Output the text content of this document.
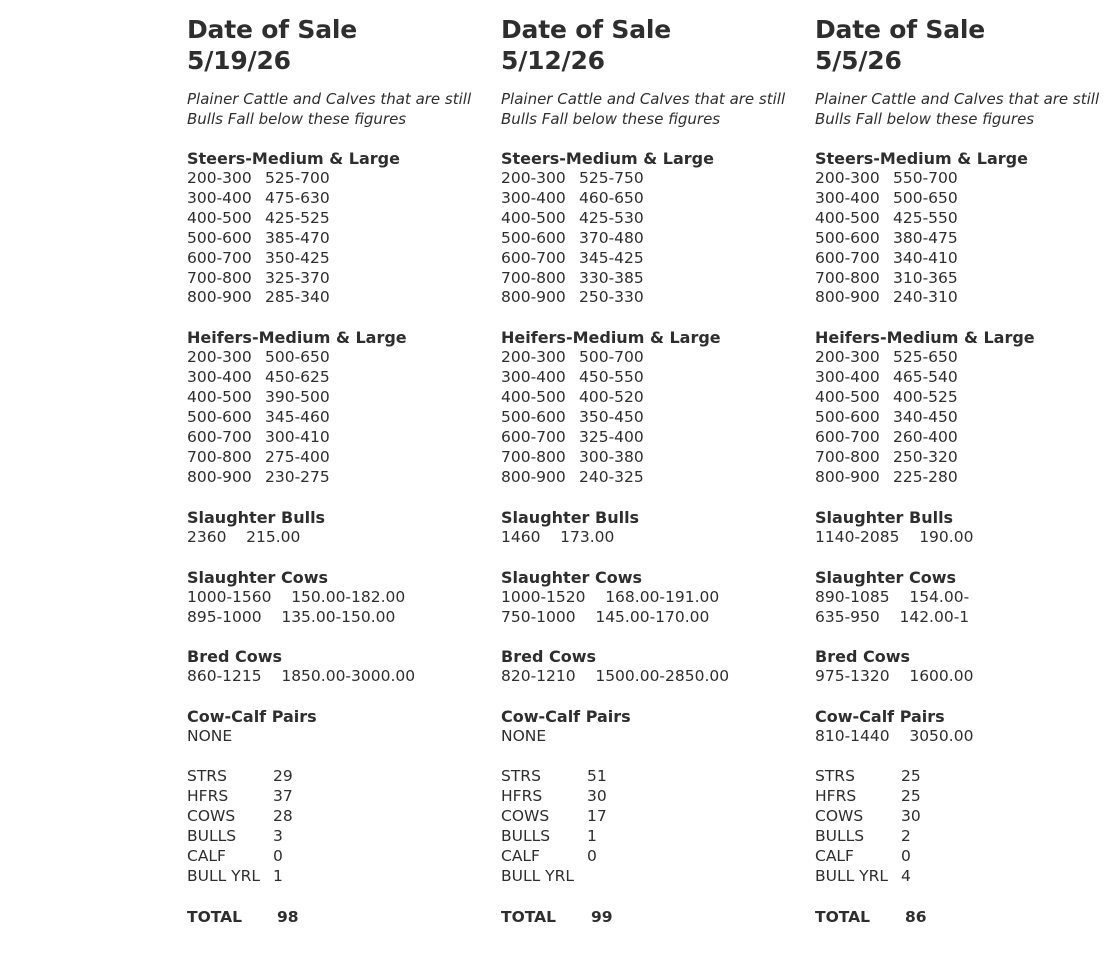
Date of Sale
5/19/26
Plainer Cattle and Calves that are still
Bulls Fall below these figures
Steers-Medium & Large
200-300 525-700
300-400 475-630
400-500 425-525
500-600 385-470
600-700 350-425
700-800 325-370
800-900 285-340
Heifers-Medium & Large
200-300 500-650
300-400 450-625
400-500 390-500
500-600 345-460
600-700 300-410
700-800 275-400
800-900 230-275
Slaughter Bulls
2360    215.00
Slaughter Cows
1000-1560    150.00-182.00
895-1000    135.00-150.00
Bred Cows
860-1215    1850.00-3000.00
Cow-Calf Pairs
NONE
STRS	29
HFRS	37
COWS 28
BULLS 3
CALF	0
BULL YRL 1
TOTAL 98
Date of Sale
5/12/26
Plainer Cattle and Calves that are still
Bulls Fall below these figures
Steers-Medium & Large
200-300 525-750
300-400 460-650
400-500 425-530
500-600 370-480
600-700 345-425
700-800 330-385
800-900 250-330
Heifers-Medium & Large
200-300 500-700
300-400 450-550
400-500 400-520
500-600 350-450
600-700 325-400
700-800 300-380
800-900 240-325
Slaughter Bulls
1460    173.00
Slaughter Cows
1000-1520    168.00-191.00
750-1000    145.00-170.00
Bred Cows
820-1210    1500.00-2850.00
Cow-Calf Pairs
NONE
STRS	51
HFRS	30
COWS 17
BULLS 1
CALF	0
BULL YRL
TOTAL 99
Date of Sale
5/5/26
Plainer Cattle and Calves that are still
Bulls Fall below these figures
Steers-Medium & Large
200-300 550-700
300-400 500-650
400-500 425-550
500-600 380-475
600-700 340-410
700-800 310-365
800-900 240-310
Heifers-Medium & Large
200-300 525-650
300-400 465-540
400-500 400-525
500-600 340-450
600-700 260-400
700-800 250-320
800-900 225-280
Slaughter Bulls
1140-2085    190.00
Slaughter Cows
890-1085    154.00-
635-950    142.00-1
Bred Cows
975-1320    1600.00
Cow-Calf Pairs
810-1440    3050.00
STRS	25
HFRS	25
COWS 30
BULLS 2
CALF	0
BULL YRL 4
TOTAL 86
